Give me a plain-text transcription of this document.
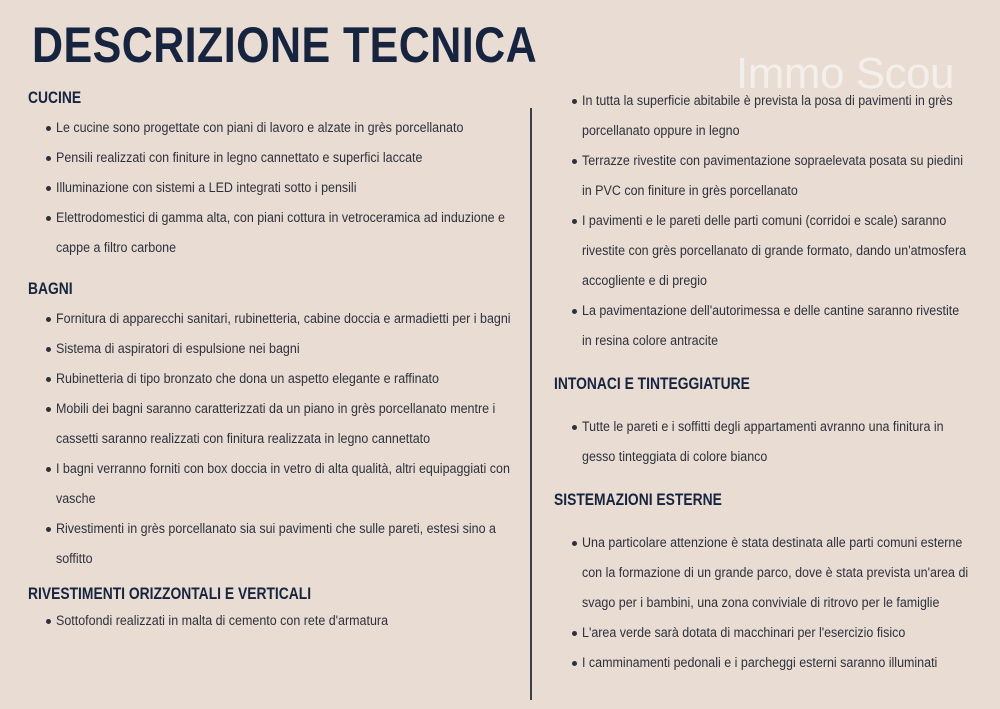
DESCRIZIONE TECNICA
Immo Scou
CUCINE
Le cucine sono progettate con piani di lavoro e alzate in grès porcellanato
Pensili realizzati con finiture in legno cannettato e superfici laccate
Illuminazione con sistemi a LED integrati sotto i pensili
Elettrodomestici di gamma alta, con piani cottura in vetroceramica ad induzione e cappe a filtro carbone
BAGNI
Fornitura di apparecchi sanitari, rubinetteria, cabine doccia e armadietti per i bagni
Sistema di aspiratori di espulsione nei bagni
Rubinetteria di tipo bronzato che dona un aspetto elegante e raffinato
Mobili dei bagni saranno caratterizzati da un piano in grès porcellanato mentre i cassetti saranno realizzati con finitura realizzata in legno cannettato
I bagni verranno forniti con box doccia in vetro di alta qualità, altri equipaggiati con vasche
Rivestimenti in grès porcellanato sia sui pavimenti che sulle pareti, estesi sino a soffitto
RIVESTIMENTI ORIZZONTALI E VERTICALI
Sottofondi realizzati in malta di cemento con rete d'armatura
In tutta la superficie abitabile è prevista la posa di pavimenti in grès porcellanato oppure in legno
Terrazze rivestite con pavimentazione sopraelevata posata su piedini in PVC con finiture in grès porcellanato
I pavimenti e le pareti delle parti comuni (corridoi e scale) saranno rivestite con grès porcellanato di grande formato, dando un'atmosfera accogliente e di pregio
La pavimentazione dell'autorimessa e delle cantine saranno rivestite in resina colore antracite
INTONACI E TINTEGGIATURE
Tutte le pareti e i soffitti degli appartamenti avranno una finitura in gesso tinteggiata di colore bianco
SISTEMAZIONI ESTERNE
Una particolare attenzione è stata destinata alle parti comuni esterne con la formazione di un grande parco, dove è stata prevista un'area di svago per i bambini, una zona conviviale di ritrovo per le famiglie
L'area verde sarà dotata di macchinari per l'esercizio fisico
I camminamenti pedonali e i parcheggi esterni saranno illuminati
